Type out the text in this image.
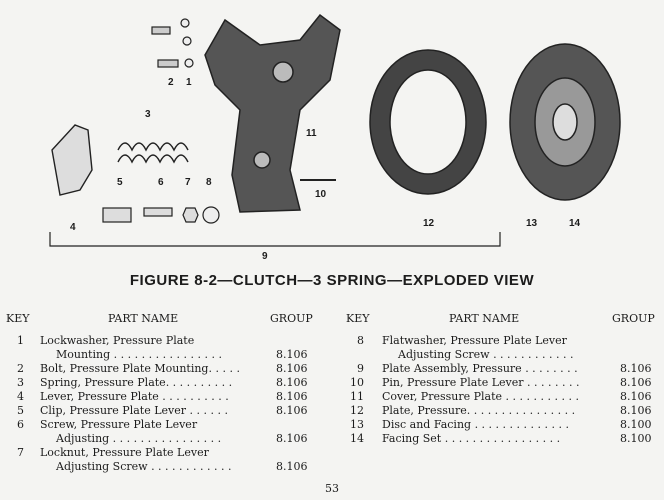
1
2
3
4
5	6 7 8
9
10
11
12	13	14
FIGURE 8-2—CLUTCH—3 SPRING—EXPLODED VIEW
KEY	PART NAME	GROUP	KEY	PART NAME	GROUP
1 Lockwasher, Pressure Plate
Mounting . . . . . . . . . . . . . . . .	8.106
2 Bolt, Pressure Plate Mounting. . . . .	8.106
3 Spring, Pressure Plate. . . . . . . . . .	8.106
4 Lever, Pressure Plate . . . . . . . . . .	8.106
5 Clip, Pressure Plate Lever . . . . . .	8.106
6 Screw, Pressure Plate Lever
Adjusting . . . . . . . . . . . . . . . .	8.106
7 Locknut, Pressure Plate Lever
Adjusting Screw . . . . . . . . . . . .	8.106
8 Flatwasher, Pressure Plate Lever
Adjusting Screw . . . . . . . . . . . .
9 Plate Assembly, Pressure . . . . . . . .	8.106
10 Pin, Pressure Plate Lever . . . . . . . .	8.106
11 Cover, Pressure Plate . . . . . . . . . . .	8.106
12 Plate, Pressure. . . . . . . . . . . . . . . .	8.106
13 Disc and Facing . . . . . . . . . . . . . .	8.100
14 Facing Set . . . . . . . . . . . . . . . . .	8.100
53
